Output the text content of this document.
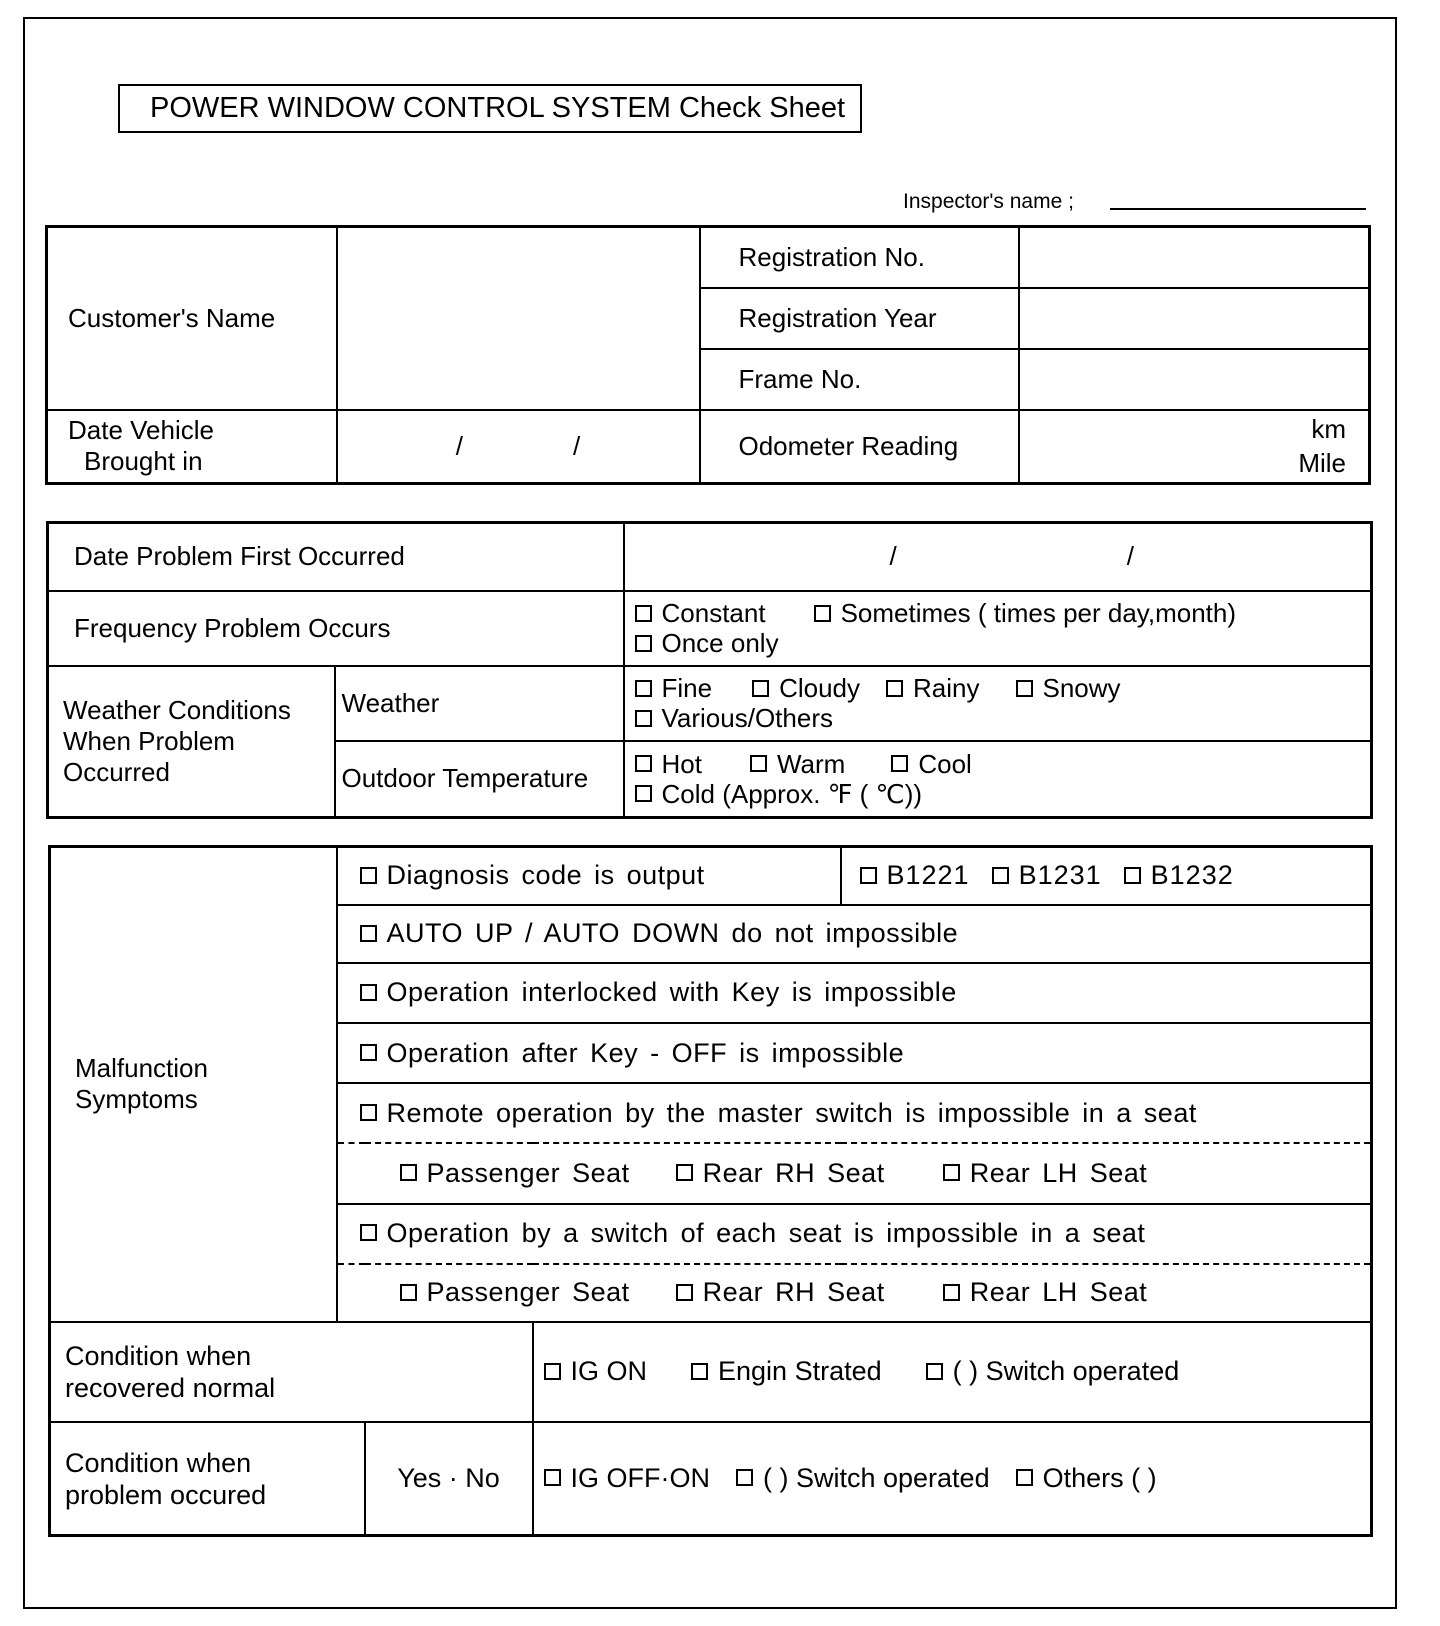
POWER WINDOW CONTROL SYSTEM Check Sheet
Inspector's name ;
Customer's Name		Registration No.	
		Registration Year	
		Frame No.	

Date Vehicle
Brought in	/ /	Odometer Reading	km
Mile
Date Problem First Occurred		/ /
Frequency Problem Occurs		Constant Sometimes ( times per day,month)
Once only

Weather Conditions
When Problem
Occurred	Weather	Fine Cloudy Rainy Snowy
Various/Others

	Outdoor Temperature	Hot Warm Cool
Cold (Approx. ℉ ( ℃))
Malfunction
Symptoms	Diagnosis code is output			B1221 B1231 B1232
	AUTO UP / AUTO DOWN do not impossible			
	Operation interlocked with Key is impossible			
	Operation after Key - OFF is impossible			
	Remote operation by the master switch is impossible in a seat			
	Passenger Seat Rear RH Seat Rear LH Seat			
	Operation by a switch of each seat is impossible in a seat			
	Passenger Seat Rear RH Seat Rear LH Seat			

Condition when
recovered normal			IG ON Engin Strated ( ) Switch operated	

Condition when
problem occured		Yes · No	IG OFF·ON ( ) Switch operated Others ( )	
